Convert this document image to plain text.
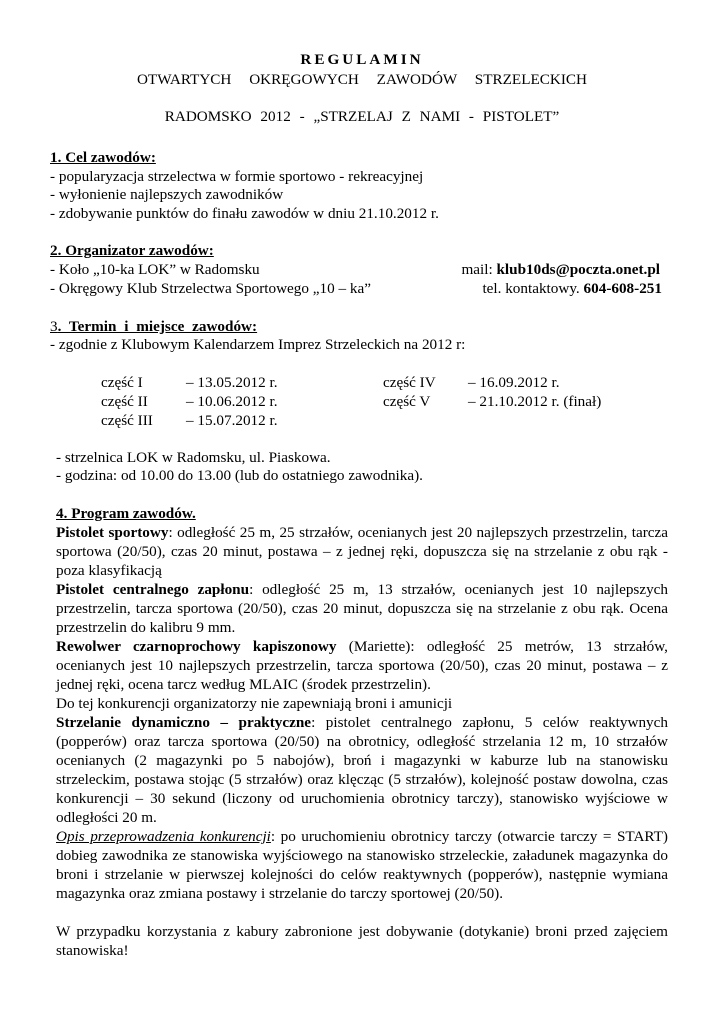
REGULAMIN
OTWARTYCH OKRĘGOWYCH ZAWODÓW STRZELECKICH
RADOMSKO 2012 - „STRZELAJ Z NAMI - PISTOLET”
1. Cel zawodów:
- popularyzacja strzelectwa w formie sportowo - rekreacyjnej
- wyłonienie najlepszych zawodników
- zdobywanie punktów do finału zawodów w dniu 21.10.2012 r.
2. Organizator zawodów:
- Koło „10-ka LOK” w Radomsku
- Okręgowy Klub Strzelectwa Sportowego „10 – ka”
mail: klub10ds@poczta.onet.pl
tel. kontaktowy. 604-608-251
3. Termin i miejsce zawodów:
- zgodnie z Klubowym Kalendarzem Imprez Strzeleckich na 2012 r:
część I	– 13.05.2012 r.
część II	– 10.06.2012 r.
część III – 15.07.2012 r.
część IV – 16.09.2012 r.
część V – 21.10.2012 r. (finał)
- strzelnica LOK w Radomsku, ul. Piaskowa.
- godzina: od 10.00 do 13.00 (lub do ostatniego zawodnika).
4. Program zawodów.
Pistolet sportowy: odległość 25 m, 25 strzałów, ocenianych jest 20 najlepszych przestrzelin, tarcza sportowa (20/50), czas 20 minut, postawa – z jednej ręki, dopuszcza się na strzelanie z obu rąk - poza klasyfikacją
Pistolet centralnego zapłonu: odległość 25 m, 13 strzałów, ocenianych jest 10 najlepszych przestrzelin, tarcza sportowa (20/50), czas 20 minut, dopuszcza się na strzelanie z obu rąk. Ocena przestrzelin do kalibru 9 mm.
Rewolwer czarnoprochowy kapiszonowy (Mariette): odległość 25 metrów, 13 strzałów, ocenianych jest 10 najlepszych przestrzelin, tarcza sportowa (20/50), czas 20 minut, postawa – z jednej ręki, ocena tarcz według MLAIC (środek przestrzelin).
Do tej konkurencji organizatorzy nie zapewniają broni i amunicji
Strzelanie dynamiczno – praktyczne: pistolet centralnego zapłonu, 5 celów reaktywnych (popperów) oraz tarcza sportowa (20/50) na obrotnicy, odległość strzelania 12 m, 10 strzałów ocenianych (2 magazynki po 5 nabojów), broń i magazynki w kaburze lub na stanowisku strzeleckim, postawa stojąc (5 strzałów) oraz klęcząc (5 strzałów), kolejność postaw dowolna, czas konkurencji – 30 sekund (liczony od uruchomienia obrotnicy tarczy), stanowisko wyjściowe w odległości 20 m.
Opis przeprowadzenia konkurencji: po uruchomieniu obrotnicy tarczy (otwarcie tarczy = START) dobieg zawodnika ze stanowiska wyjściowego na stanowisko strzeleckie, załadunek magazynka do broni i strzelanie w pierwszej kolejności do celów reaktywnych (popperów), następnie wymiana magazynka oraz zmiana postawy i strzelanie do tarczy sportowej (20/50).
W przypadku korzystania z kabury zabronione jest dobywanie (dotykanie) broni przed zajęciem stanowiska!
